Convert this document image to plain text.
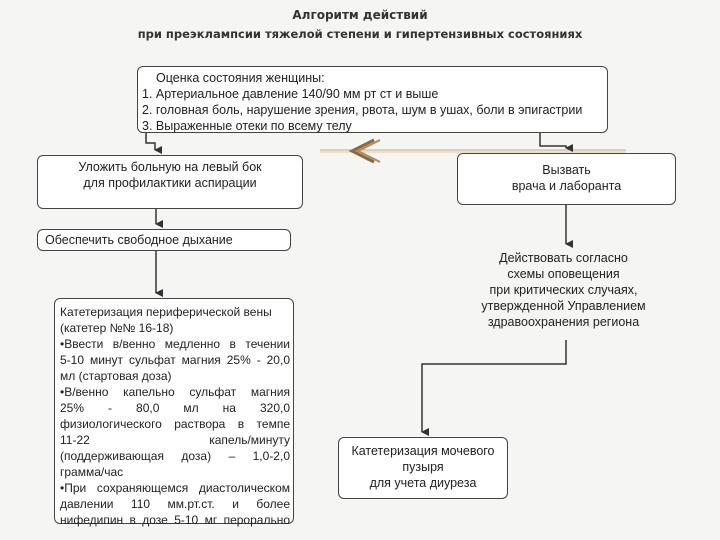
Алгоритм действий
при преэклампсии тяжелой степени и гипертензивных состояниях
Оценка состояния женщины:
1. Артериальное давление 140/90 мм рт ст и выше
2. головная боль, нарушение зрения, рвота, шум в ушах, боли в эпигастрии
3. Выраженные отеки по всему телу
Уложить больную на левый бок
для профилактики аспирации
Вызвать
врача и лаборанта
Обеспечить свободное дыхание
Действовать согласно
схемы оповещения
при критических случаях,
утвержденной Управлением
здравоохранения региона
Катетеризация периферической вены
(катетер №№ 16-18)
•Ввести в/венно медленно в течении
5-10 минут сульфат магния 25% - 20,0
мл (стартовая доза)
•В/венно капельно сульфат магния
25% - 80,0 мл на 320,0
физиологического раствора в темпе
11-22 капель/минуту
(поддерживающая доза) – 1,0-2,0
грамма/час
•При сохраняющемся диастолическом
давлении 110 мм.рт.ст. и более
нифедипин в дозе 5-10 мг перорально
Катетеризация мочевого
пузыря
для учета диуреза
